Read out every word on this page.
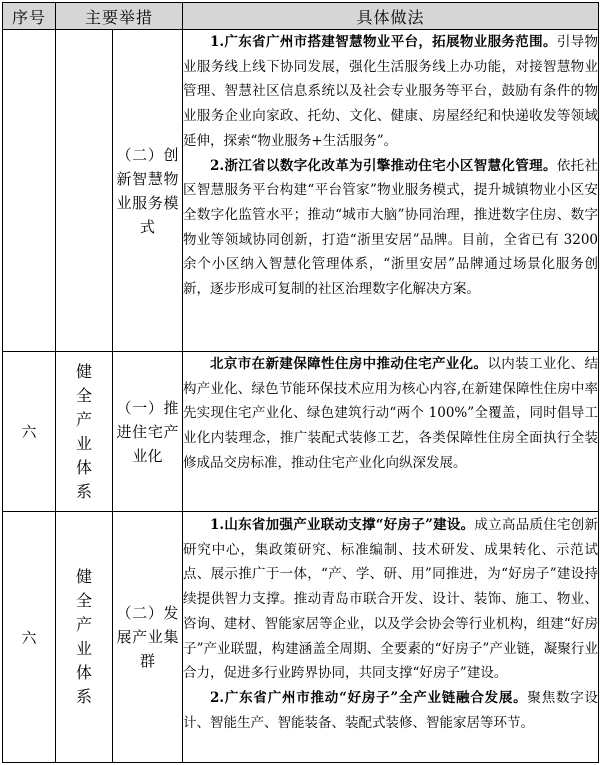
序号	主要举措		具体做法
		（二）创新智慧物业服务模式	1.广东省广州市搭建智慧物业平台，拓展物业服务范围。引导物业服务线上线下协同发展，强化生活服务线上办功能，对接智慧物业管理、智慧社区信息系统以及社会专业服务等平台，鼓励有条件的物业服务企业向家政、托幼、文化、健康、房屋经纪和快递收发等领域延伸，探索“物业服务+生活服务”。

2.浙江省以数字化改革为引擎推动住宅小区智慧化管理。依托社区智慧服务平台构建“平台管家”物业服务模式，提升城镇物业小区安全数字化监管水平；推动“城市大脑”协同治理，推进数字住房、数字物业等领域协同创新，打造“浙里安居”品牌。目前，全省已有 3200 余个小区纳入智慧化管理体系，“浙里安居”品牌通过场景化服务创新，逐步形成可复制的社区治理数字化解决方案。

六	健全产业体系	（一）推进住宅产业化	北京市在新建保障性住房中推动住宅产业化。以内装工业化、结构产业化、绿色节能环保技术应用为核心内容,在新建保障性住房中率先实现住宅产业化、绿色建筑行动“两个 100%”全覆盖，同时倡导工业化内装理念，推广装配式装修工艺，各类保障性住房全面执行全装修成品交房标准，推动住宅产业化向纵深发展。

六	健全产业体系	（二）发展产业集群	1.山东省加强产业联动支撑“好房子”建设。成立高品质住宅创新研究中心，集政策研究、标准编制、技术研发、成果转化、示范试点、展示推广于一体，“产、学、研、用”同推进，为“好房子”建设持续提供智力支撑。推动青岛市联合开发、设计、装饰、施工、物业、咨询、建材、智能家居等企业，以及学会协会等行业机构，组建“好房子”产业联盟，构建涵盖全周期、全要素的“好房子”产业链，凝聚行业合力，促进多行业跨界协同，共同支撑“好房子”建设。

2.广东省广州市推动“好房子”全产业链融合发展。聚焦数字设计、智能生产、智能装备、装配式装修、智能家居等环节。
